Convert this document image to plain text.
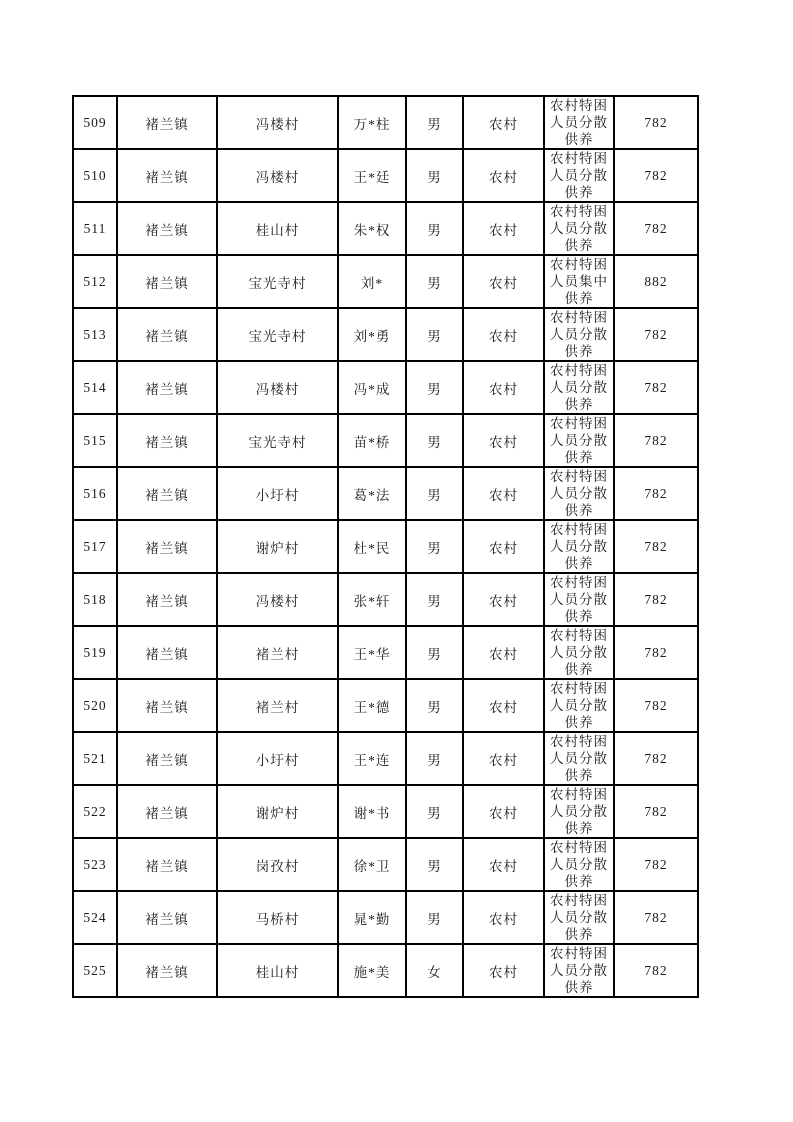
509	褚兰镇	冯楼村	万*柱	男	农村	农村特困人员分散供养	782
510	褚兰镇	冯楼村	王*廷	男	农村	农村特困人员分散供养	782
511	褚兰镇	桂山村	朱*权	男	农村	农村特困人员分散供养	782
512	褚兰镇	宝光寺村	刘*	男	农村	农村特困人员集中供养	882
513	褚兰镇	宝光寺村	刘*勇	男	农村	农村特困人员分散供养	782
514	褚兰镇	冯楼村	冯*成	男	农村	农村特困人员分散供养	782
515	褚兰镇	宝光寺村	苗*桥	男	农村	农村特困人员分散供养	782
516	褚兰镇	小圩村	葛*法	男	农村	农村特困人员分散供养	782
517	褚兰镇	谢炉村	杜*民	男	农村	农村特困人员分散供养	782
518	褚兰镇	冯楼村	张*轩	男	农村	农村特困人员分散供养	782
519	褚兰镇	褚兰村	王*华	男	农村	农村特困人员分散供养	782
520	褚兰镇	褚兰村	王*德	男	农村	农村特困人员分散供养	782
521	褚兰镇	小圩村	王*连	男	农村	农村特困人员分散供养	782
522	褚兰镇	谢炉村	谢*书	男	农村	农村特困人员分散供养	782
523	褚兰镇	岗孜村	徐*卫	男	农村	农村特困人员分散供养	782
524	褚兰镇	马桥村	晁*勤	男	农村	农村特困人员分散供养	782
525	褚兰镇	桂山村	施*美	女	农村	农村特困人员分散供养	782
